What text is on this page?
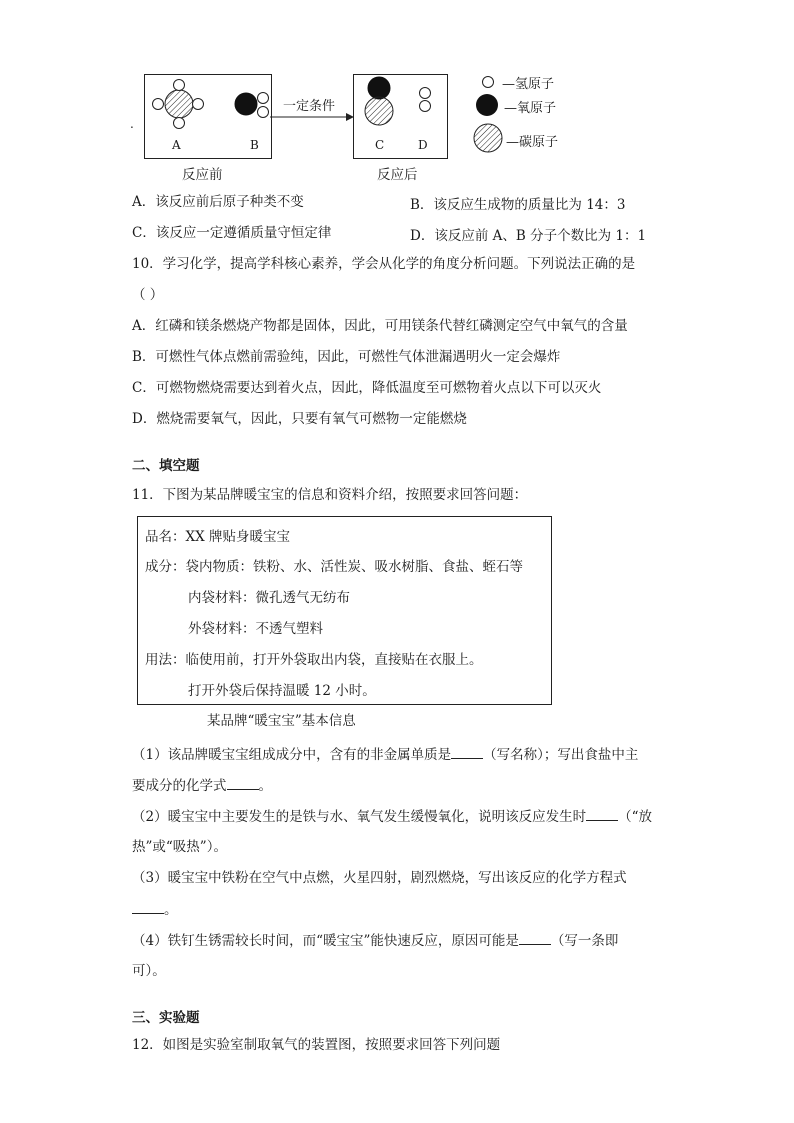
.
A	B
一定条件
C	D
反应前	反应后
—氢原子
—氧原子
—碳原子
A．该反应前后原子种类不变	B．该反应生成物的质量比为 14：3
C．该反应一定遵循质量守恒定律	D．该反应前 A、B 分子个数比为 1：1
10．学习化学，提高学科核心素养，学会从化学的角度分析问题。下列说法正确的是
（ ）
A．红磷和镁条燃烧产物都是固体，因此，可用镁条代替红磷测定空气中氧气的含量
B．可燃性气体点燃前需验纯，因此，可燃性气体泄漏遇明火一定会爆炸
C．可燃物燃烧需要达到着火点，因此，降低温度至可燃物着火点以下可以灭火
D．燃烧需要氧气，因此，只要有氧气可燃物一定能燃烧
二、填空题
11．下图为某品牌暖宝宝的信息和资料介绍，按照要求回答问题：
品名：XX 牌贴身暖宝宝
成分：袋内物质：铁粉、水、活性炭、吸水树脂、食盐、蛭石等
内袋材料：微孔透气无纺布
外袋材料：不透气塑料
用法：临使用前，打开外袋取出内袋，直接贴在衣服上。
打开外袋后保持温暖 12 小时。
某品牌“暖宝宝”基本信息
（1）该品牌暖宝宝组成成分中，含有的非金属单质是 （写名称）；写出食盐中主
要成分的化学式 。
（2）暖宝宝中主要发生的是铁与水、氧气发生缓慢氧化，说明该反应发生时 （“放
热”或“吸热”）。
（3）暖宝宝中铁粉在空气中点燃，火星四射，剧烈燃烧，写出该反应的化学方程式
。
（4）铁钉生锈需较长时间，而“暖宝宝”能快速反应，原因可能是 （写一条即
可）。
三、实验题
12．如图是实验室制取氧气的装置图，按照要求回答下列问题
